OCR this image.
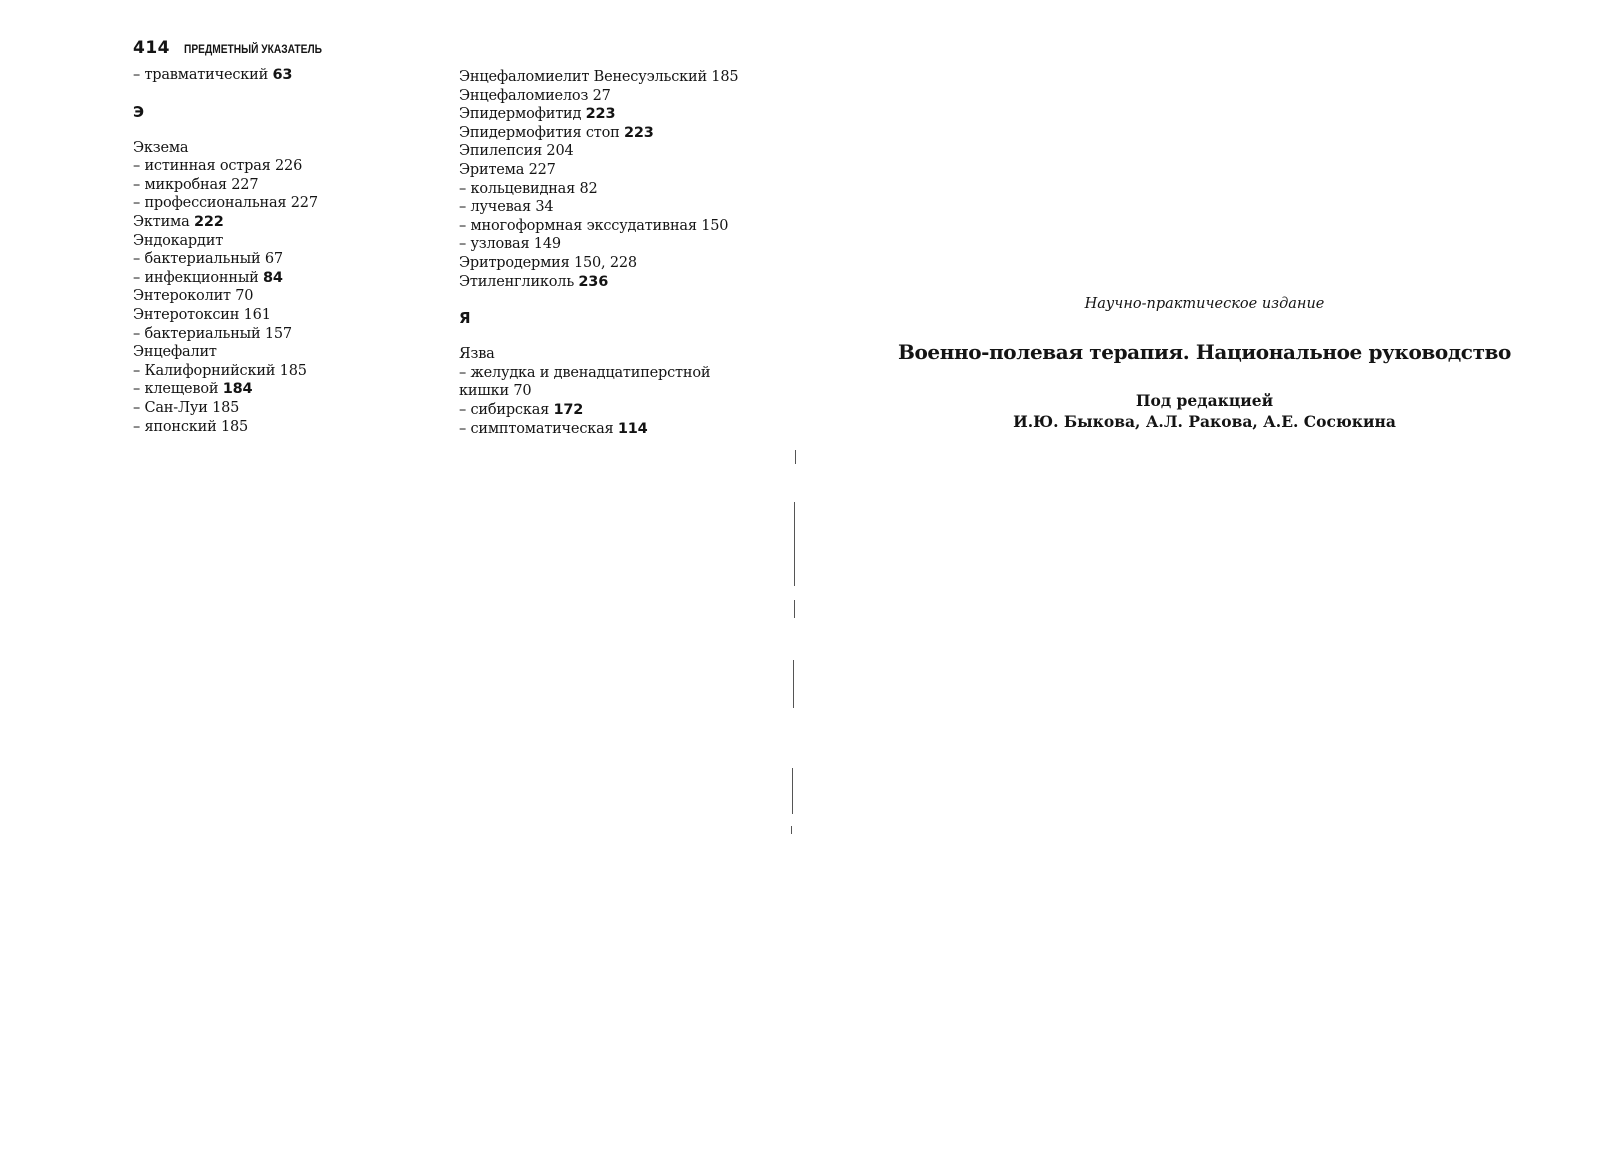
414 ПРЕДМЕТНЫЙ УКАЗАТЕЛЬ
– травматический 63
Э
Экзема
– истинная острая 226
– микробная 227
– профессиональная 227
Эктима 222
Эндокардит
– бактериальный 67
– инфекционный 84
Энтероколит 70
Энтеротоксин 161
– бактериальный 157
Энцефалит
– Калифорнийский 185
– клещевой 184
– Сан-Луи 185
– японский 185
Энцефаломиелит Венесуэльский 185
Энцефаломиелоз 27
Эпидермофитид 223
Эпидермофития стоп 223
Эпилепсия 204
Эритема 227
– кольцевидная 82
– лучевая 34
– многоформная экссудативная 150
– узловая 149
Эритродермия 150, 228
Этиленгликоль 236
Я
Язва
– желудка и двенадцатиперстной
кишки 70
– сибирская 172
– симптоматическая 114
Научно-практическое издание
Военно-полевая терапия. Национальное руководство
Под редакцией
И.Ю. Быкова, А.Л. Ракова, А.Е. Сосюкина
